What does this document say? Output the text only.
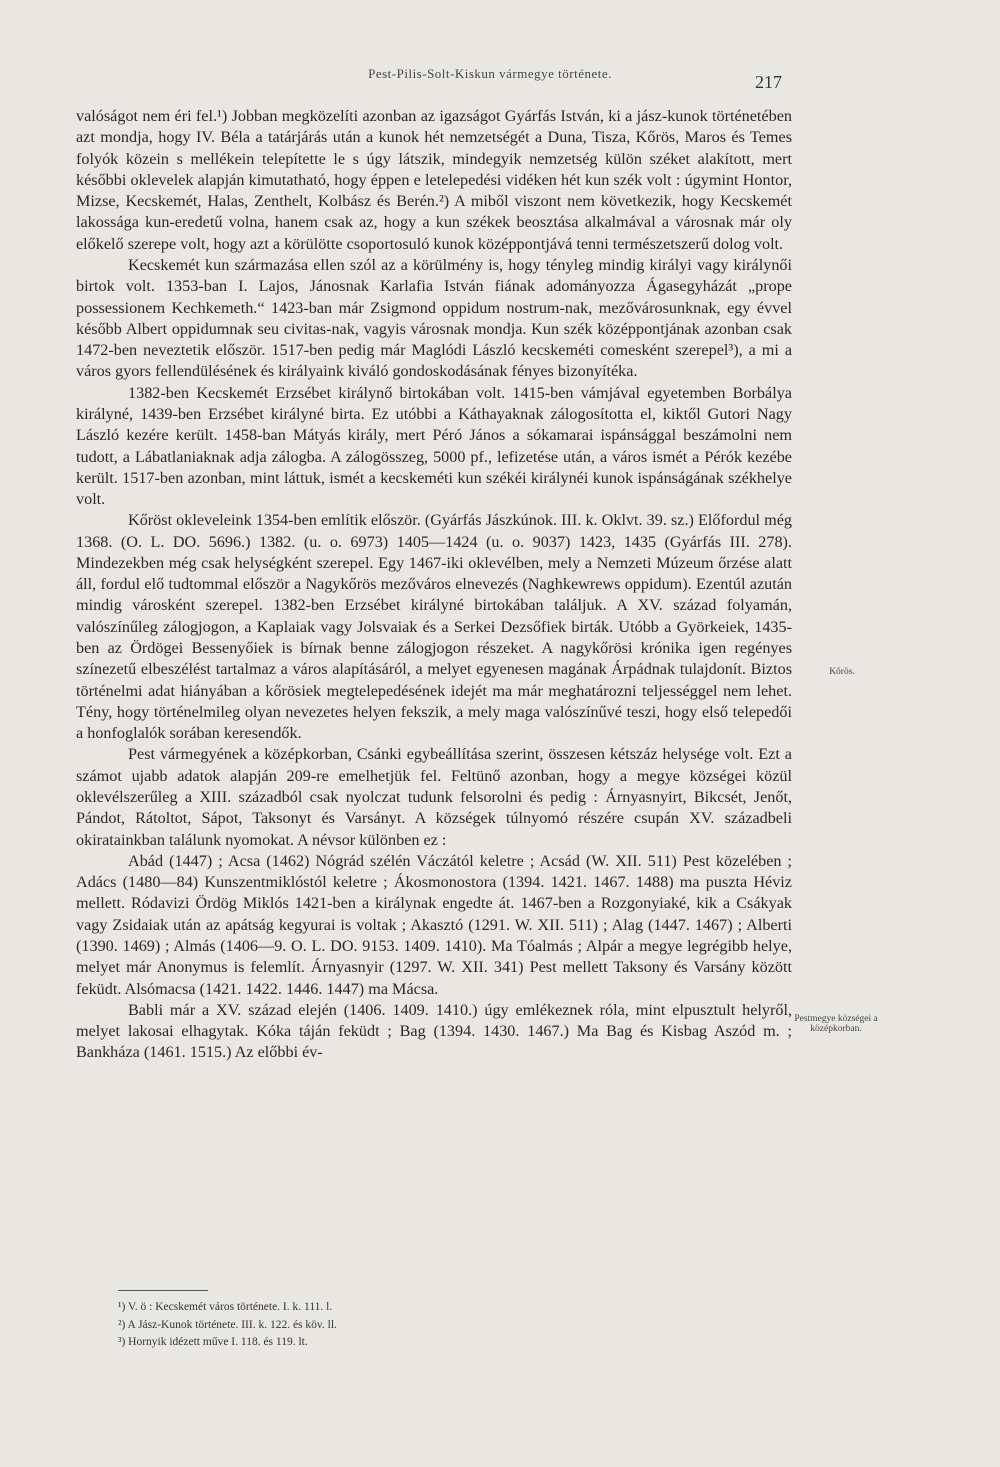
Pest-Pilis-Solt-Kiskun vármegye története.	217

valóságot nem éri fel.¹) Jobban megközelíti azonban az igazságot Gyárfás István, ki a jász-kunok történetében azt mondja, hogy IV. Béla a tatárjárás után a kunok hét nemzetségét a Duna, Tisza, Kőrös, Maros és Temes folyók közein s mellékein telepítette le s úgy látszik, mindegyik nemzetség külön széket alakított, mert későbbi oklevelek alapján kimutatható, hogy éppen e letelepedési vidéken hét kun szék volt : úgymint Hontor, Mizse, Kecskemét, Halas, Zenthelt, Kolbász és Berén.²) A miből viszont nem következik, hogy Kecskemét lakossága kun-eredetű volna, hanem csak az, hogy a kun székek beosztása alkalmával a városnak már oly előkelő szerepe volt, hogy azt a körülötte csoportosuló kunok középpontjává tenni természetszerű dolog volt.

Kecskemét kun származása ellen szól az a körülmény is, hogy tényleg mindig királyi vagy királynői birtok volt. 1353-ban I. Lajos, Jánosnak Karlafia István fiának adományozza Ágasegyházát „prope possessionem Kechkemeth.“ 1423-ban már Zsigmond oppidum nostrum-nak, mezővárosunknak, egy évvel később Albert oppidumnak seu civitas-nak, vagyis városnak mondja. Kun szék középpontjának azonban csak 1472-ben neveztetik először. 1517-ben pedig már Maglódi László kecskeméti comesként szerepel³), a mi a város gyors fellendülésének és királyaink kiváló gondoskodásának fényes bizonyítéka.

1382-ben Kecskemét Erzsébet királynő birtokában volt. 1415-ben vámjával egyetemben Borbálya királyné, 1439-ben Erzsébet királyné birta. Ez utóbbi a Káthayaknak zálogosította el, kiktől Gutori Nagy László kezére került. 1458-ban Mátyás király, mert Péró János a sókamarai ispánsággal beszámolni nem tudott, a Lábatlaniaknak adja zálogba. A zálogösszeg, 5000 pf., lefizetése után, a város ismét a Pérók kezébe került. 1517-ben azonban, mint láttuk, ismét a kecskeméti kun székéi királynéi kunok ispánságának székhelye volt.

Kőröst okleveleink 1354-ben említik először. (Gyárfás Jászkúnok. III. k. Oklvt. 39. sz.) Előfordul még 1368. (O. L. DO. 5696.) 1382. (u. o. 6973) 1405—1424 (u. o. 9037) 1423, 1435 (Gyárfás III. 278). Mindezekben még csak helységként szerepel. Egy 1467-iki oklevélben, mely a Nemzeti Múzeum őrzése alatt áll, fordul elő tudtommal először a Nagykőrös mezőváros elnevezés (Naghkewrews oppidum). Ezentúl azután mindig városként szerepel. 1382-ben Erzsébet királyné birtokában találjuk. A XV. század folyamán, valószínűleg zálogjogon, a Kaplaiak vagy Jolsvaiak és a Serkei Dezsőfiek birták. Utóbb a Györkeiek, 1435-ben az Ördögei Bessenyőiek is bírnak benne zálogjogon részeket. A nagykőrösi krónika igen regényes színezetű elbeszélést tartalmaz a város alapításáról, a melyet egyenesen magának Árpádnak tulajdonít. Biztos történelmi adat hiányában a kőrösiek megtelepedésének idejét ma már meghatározni teljességgel nem lehet. Tény, hogy történelmileg olyan nevezetes helyen fekszik, a mely maga valószínűvé teszi, hogy első telepedői a honfoglalók sorában keresendők.

Pest vármegyének a középkorban, Csánki egybeállítása szerint, összesen kétszáz helysége volt. Ezt a számot ujabb adatok alapján 209-re emelhetjük fel. Feltünő azonban, hogy a megye községei közül oklevélszerűleg a XIII. századból csak nyolczat tudunk felsorolni és pedig : Árnyasnyirt, Bikcsét, Jenőt, Pándot, Rátoltot, Sápot, Taksonyt és Varsányt. A községek túlnyomó részére csupán XV. századbeli okiratainkban találunk nyomokat. A névsor különben ez :

Abád (1447) ; Acsa (1462) Nógrád szélén Váczától keletre ; Acsád (W. XII. 511) Pest közelében ; Adács (1480—84) Kunszentmiklóstól keletre ; Ákosmonostora (1394. 1421. 1467. 1488) ma puszta Héviz mellett. Ródavizi Ördög Miklós 1421-ben a királynak engedte át. 1467-ben a Rozgonyiaké, kik a Csákyak vagy Zsidaiak után az apátság kegyurai is voltak ; Akasztó (1291. W. XII. 511) ; Alag (1447. 1467) ; Alberti (1390. 1469) ; Almás (1406—9. O. L. DO. 9153. 1409. 1410). Ma Tóalmás ; Alpár a megye legrégibb helye, melyet már Anonymus is felemlít. Árnyasnyir (1297. W. XII. 341) Pest mellett Taksony és Varsány között feküdt. Alsómacsa (1421. 1422. 1446. 1447) ma Mácsa.

Babli már a XV. század elején (1406. 1409. 1410.) úgy emlékeznek róla, mint elpusztult helyről, melyet lakosai elhagytak. Kóka táján feküdt ; Bag (1394. 1430. 1467.) Ma Bag és Kisbag Aszód m. ; Bankháza (1461. 1515.) Az előbbi év-

Kőrös.
Pestmegye községei a középkorban.
¹) V. ö : Kecskemét város története. I. k. 111. l.
²) A Jász-Kunok története. III. k. 122. és köv. ll.
³) Hornyik idézett műve I. 118. és 119. lt.
